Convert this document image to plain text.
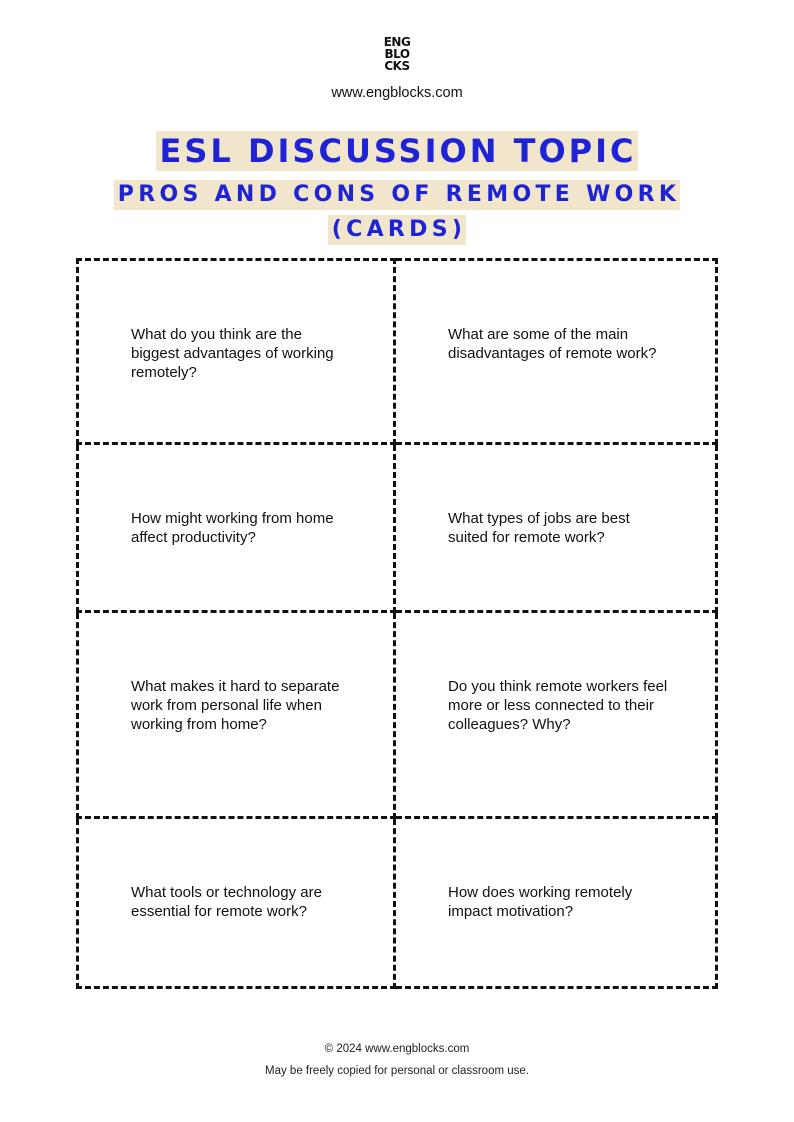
ENG
BLO
CKS
www.engblocks.com
ESL DISCUSSION TOPIC
PROS AND CONS OF REMOTE WORK
(CARDS)
What do you think are the biggest advantages of working remotely?
What are some of the main disadvantages of remote work?
How might working from home affect productivity?
What types of jobs are best suited for remote work?
What makes it hard to separate work from personal life when working from home?
Do you think remote workers feel more or less connected to their colleagues? Why?
What tools or technology are essential for remote work?
How does working remotely impact motivation?
© 2024 www.engblocks.com
May be freely copied for personal or classroom use.
